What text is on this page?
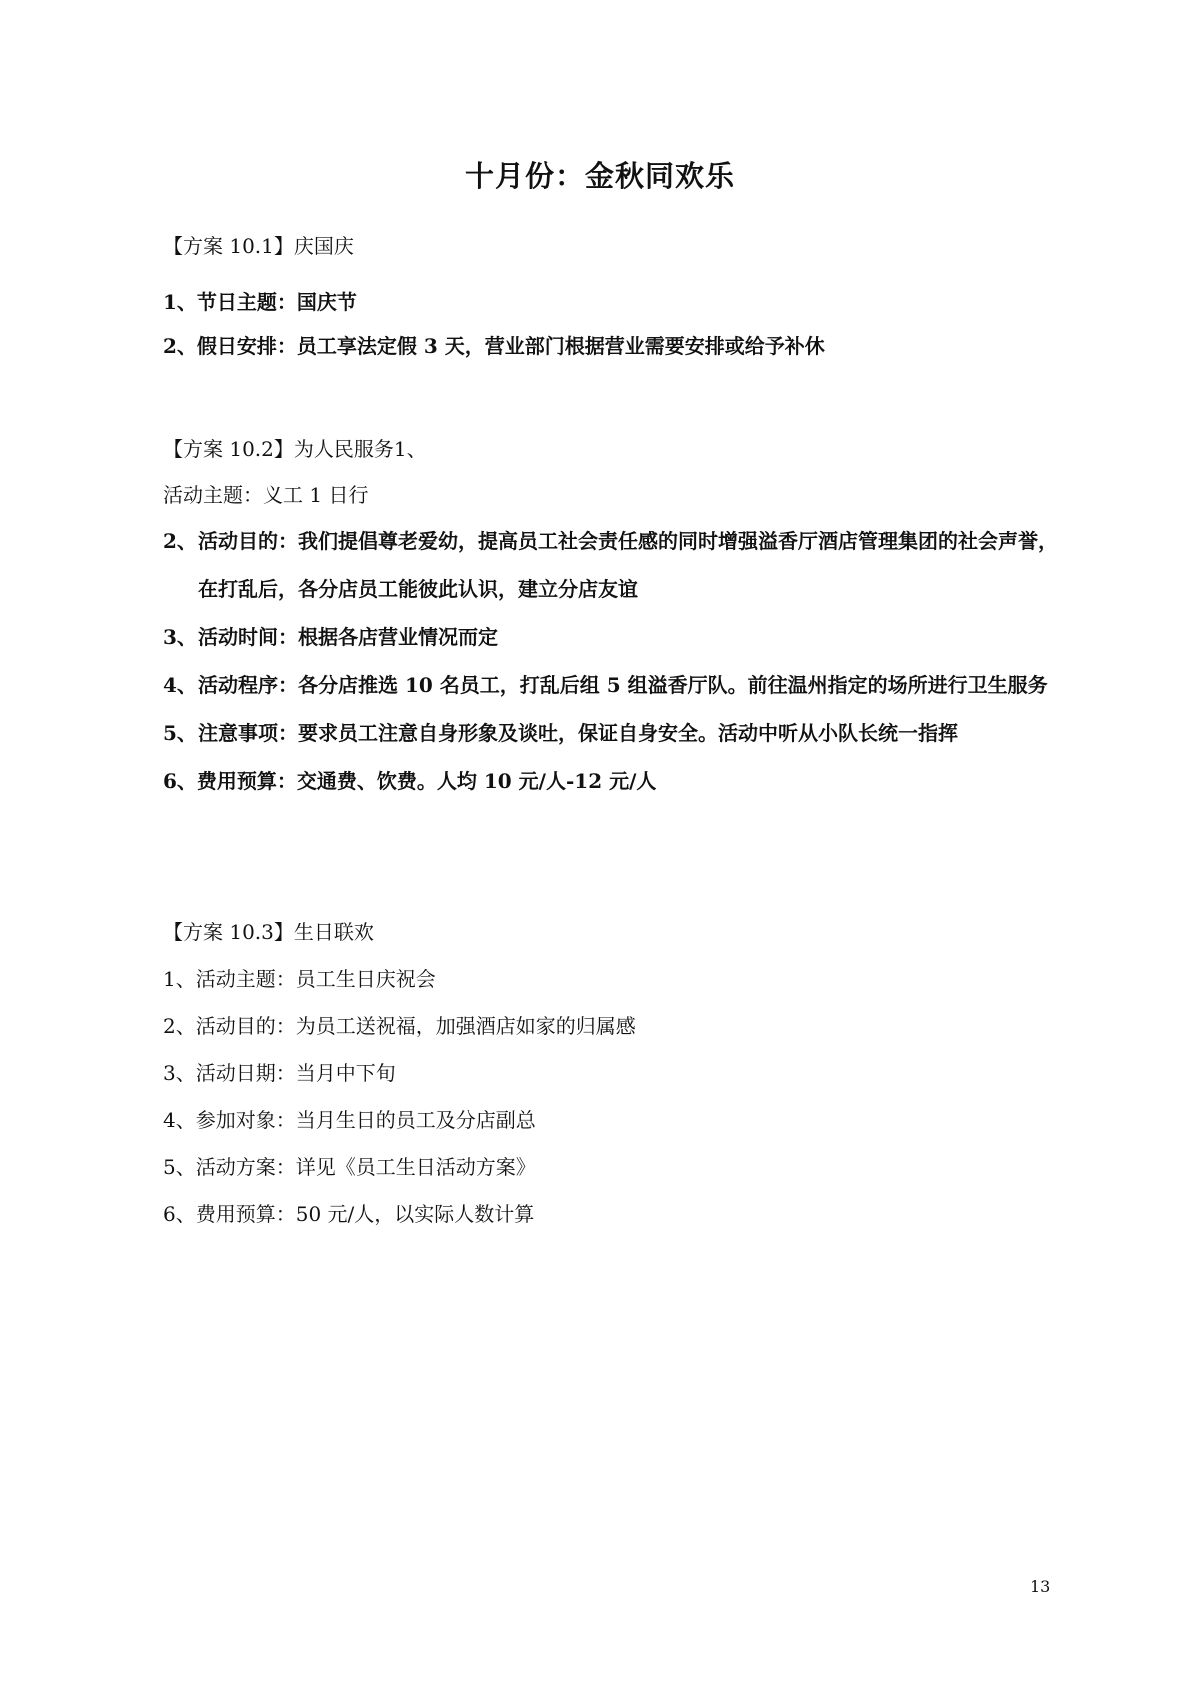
十月份：金秋同欢乐
【方案 10.1】庆国庆
1、节日主题：国庆节
2、假日安排：员工享法定假 3 天，营业部门根据营业需要安排或给予补休
【方案 10.2】为人民服务1、
活动主题：义工 1 日行
2、活动目的：我们提倡尊老爱幼，提高员工社会责任感的同时增强溢香厅酒店管理集团的社会声誉，在打乱后，各分店员工能彼此认识，建立分店友谊
3、活动时间：根据各店营业情况而定
4、活动程序：各分店推选 10 名员工，打乱后组 5 组溢香厅队。前往温州指定的场所进行卫生服务
5、注意事项：要求员工注意自身形象及谈吐，保证自身安全。活动中听从小队长统一指挥
6、费用预算：交通费、饮费。人均 10 元/人-12 元/人
【方案 10.3】生日联欢
1、活动主题：员工生日庆祝会
2、活动目的：为员工送祝福，加强酒店如家的归属感
3、活动日期：当月中下旬
4、参加对象：当月生日的员工及分店副总
5、活动方案：详见《员工生日活动方案》
6、费用预算：50 元/人，以实际人数计算
13
